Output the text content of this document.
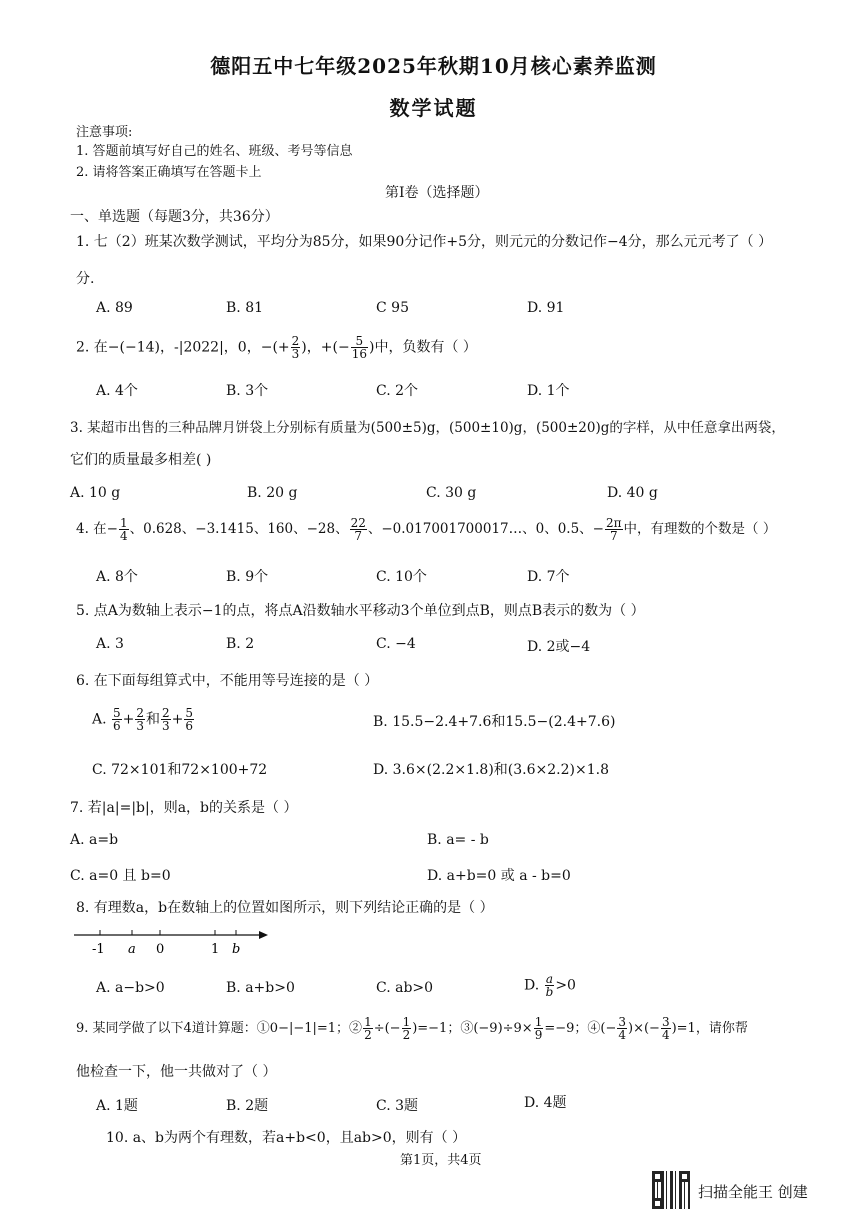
德阳五中七年级2025年秋期10月核心素养监测
数学试题
注意事项:
1. 答题前填写好自己的姓名、班级、考号等信息
2. 请将答案正确填写在答题卡上
第Ⅰ卷（选择题）
一、单选题（每题3分，共36分）
1. 七（2）班某次数学测试，平均分为85分，如果90分记作+5分，则元元的分数记作−4分，那么元元考了（ ）
分.
A. 89	B. 81	C 95	D. 91
2. 在−(−14)，-|2022|，0，−(+ $\frac{2}{3}$ )，+(− $\frac{5}{16}$ )中，负数有（ ）
A. 4个	B. 3个	C. 2个	D. 1个
3. 某超市出售的三种品牌月饼袋上分别标有质量为(500±5)g，(500±10)g，(500±20)g的字样，从中任意拿出两袋，
它们的质量最多相差( )
A. 10 g	B. 20 g	C. 30 g	D. 40 g
4. 在− $\frac{1}{4}$ 、0.628、−3.1415、160、−28、 $\frac{22}{7}$ 、−0.017001700017…、0、0.5̇、− $\frac{2\pi}{7}$ 中，有理数的个数是（ ）
A. 8个	B. 9个	C. 10个	D. 7个
5. 点A为数轴上表示−1的点，将点A沿数轴水平移动3个单位到点B，则点B表示的数为（ ）
A. 3	B. 2	C. −4	D. 2或−4
6. 在下面每组算式中，不能用等号连接的是（ ）
A. $\frac{5}{6} + \frac{2}{3}$ 和 $\frac{2}{3} + \frac{5}{6}$	B. 15.5−2.4+7.6和15.5−(2.4+7.6)
C. 72×101和72×100+72	D. 3.6×(2.2×1.8)和(3.6×2.2)×1.8
7. 若|a|=|b|，则a，b的关系是（ ）
A. a=b	B. a= - b
C. a=0 且 b=0	D. a+b=0 或 a - b=0
8. 有理数a，b在数轴上的位置如图所示，则下列结论正确的是（ ）
-1 a 0	1 b
A. a−b>0	B. a+b>0	C. ab>0	D. $\frac{a}{b} >0$
9. 某同学做了以下4道计算题：①0−|−1|=1；② $\frac{1}{2}$ ÷(− $\frac{1}{2} )=-1$；③(−9)÷9× $\frac{1}{9} =-9$；④(− $\frac{3}{4}$ )×(− $\frac{3}{4} )=1$，请你帮
他检查一下，他一共做对了（ ）
A. 1题	B. 2题	C. 3题	D. 4题
10. a、b为两个有理数，若a+b<0，且ab>0，则有（ ）
第1页，共4页
扫描全能王 创建
